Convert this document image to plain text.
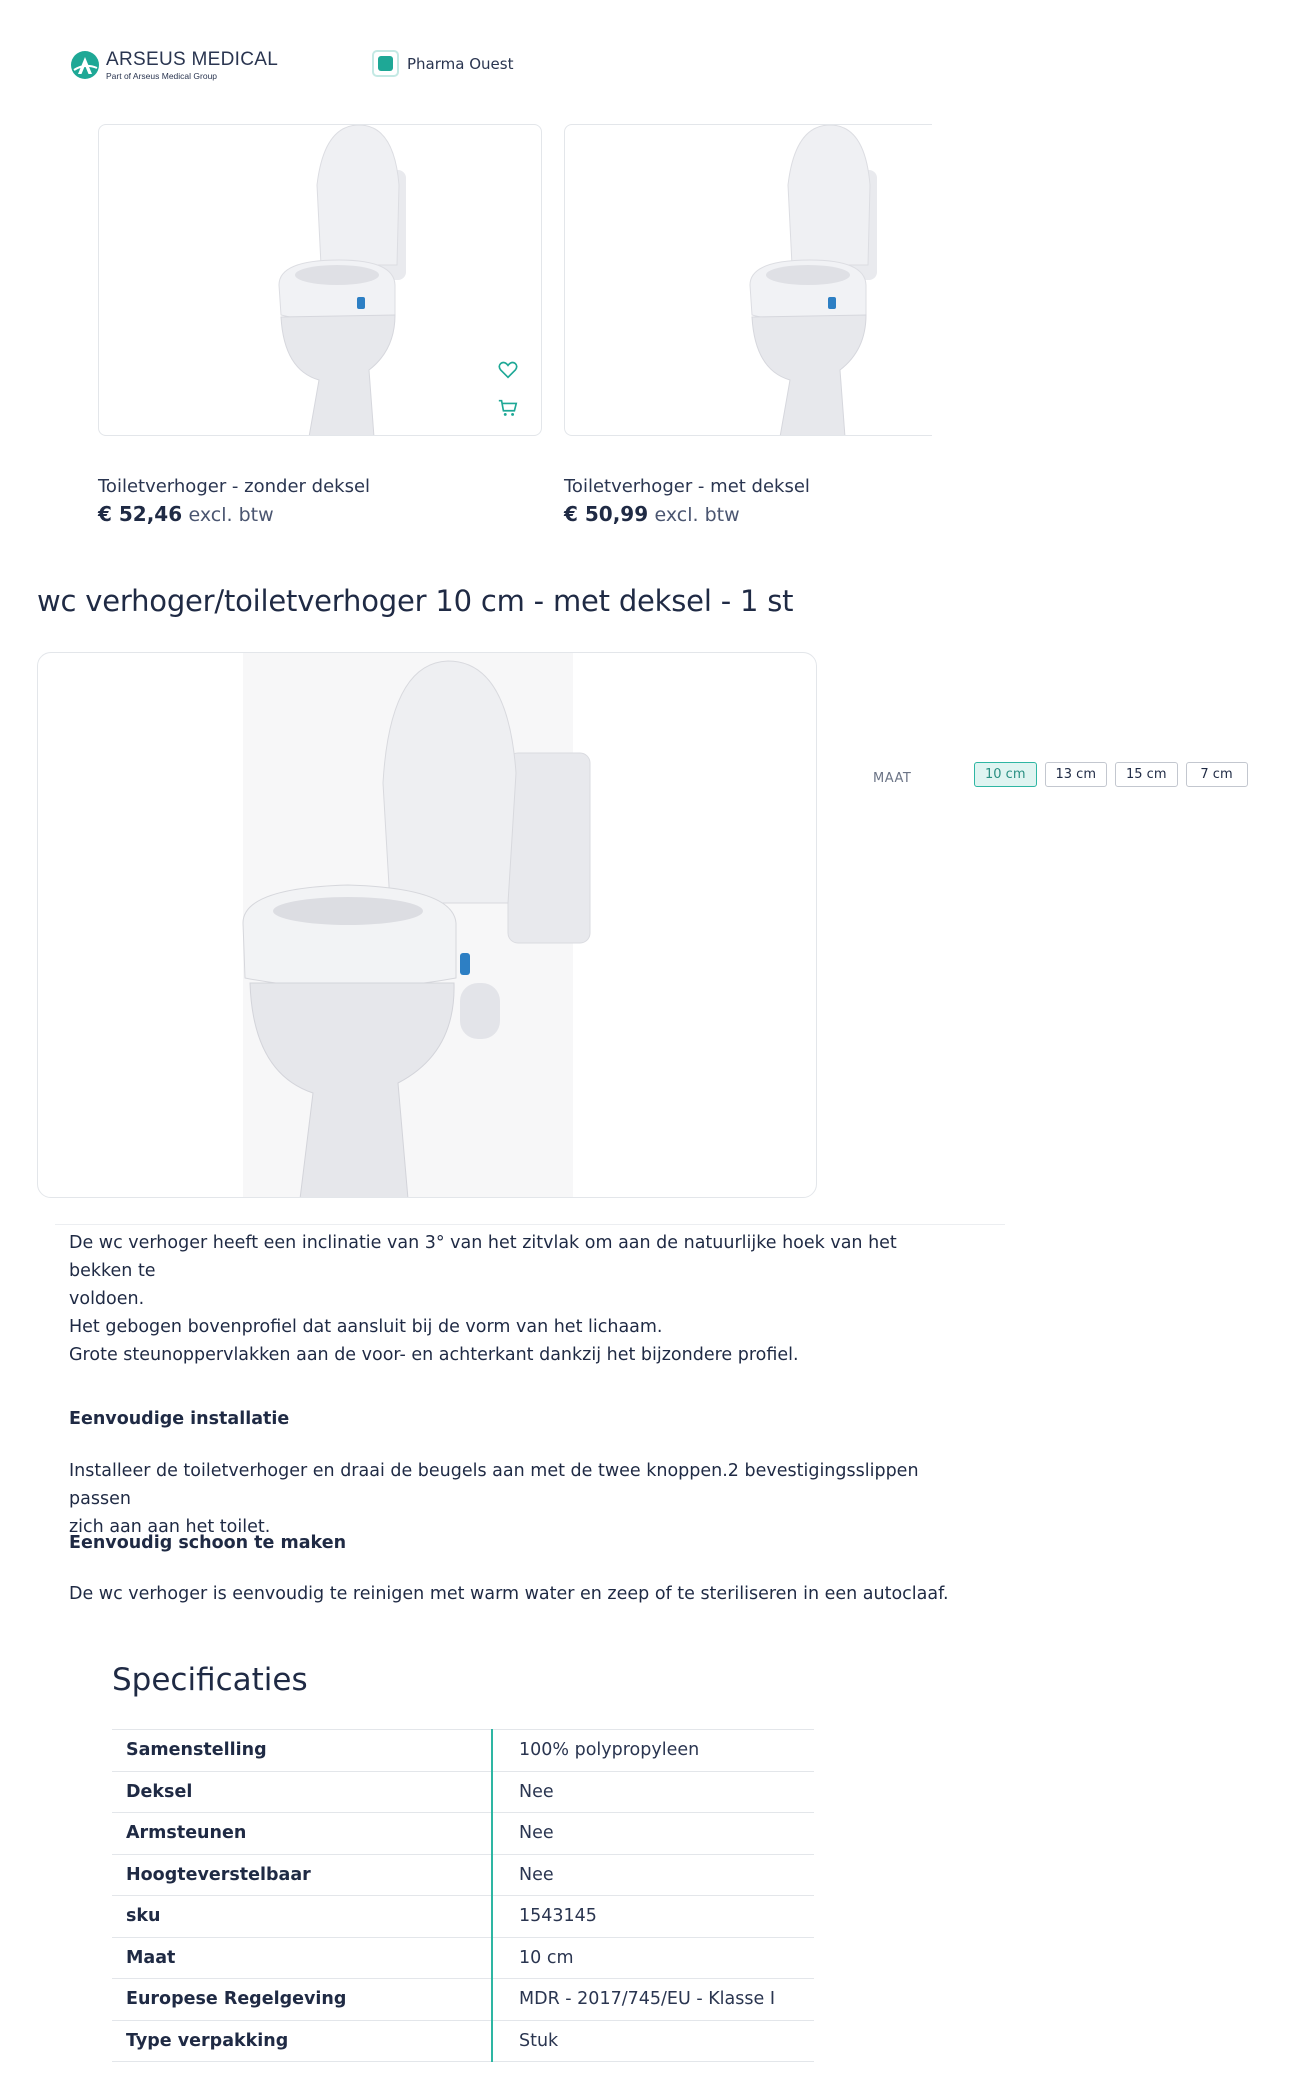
ARSEUS MEDICAL
Part of Arseus Medical Group
Pharma Ouest
Toiletverhoger - zonder deksel
€ 52,46 excl. btw
Toiletverhoger - met deksel
€ 50,99 excl. btw
wc verhoger/toiletverhoger 10 cm - met deksel - 1 st
MAAT	10 cm	13 cm	15 cm	7 cm
De wc verhoger heeft een inclinatie van 3° van het zitvlak om aan de natuurlijke hoek van het bekken te
voldoen.
Het gebogen bovenprofiel dat aansluit bij de vorm van het lichaam.
Grote steunoppervlakken aan de voor- en achterkant dankzij het bijzondere profiel.
Eenvoudige installatie
Installeer de toiletverhoger en draai de beugels aan met de twee knoppen.2 bevestigingsslippen passen
zich aan aan het toilet.
Eenvoudig schoon te maken
De wc verhoger is eenvoudig te reinigen met warm water en zeep of te steriliseren in een autoclaaf.
Specificaties
Samenstelling	100% polypropyleen
Deksel	Nee
Armsteunen	Nee
Hoogteverstelbaar	Nee
sku	1543145
Maat	10 cm
Europese Regelgeving	MDR - 2017/745/EU - Klasse I
Type verpakking	Stuk
